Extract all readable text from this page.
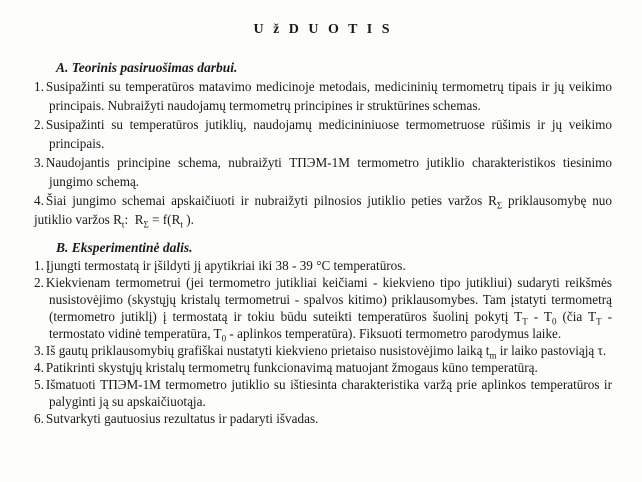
U ž D U O T I S
A. Teorinis pasiruošimas darbui.
1. Susipažinti su temperatūros matavimo medicinoje metodais, medicininių termometrų tipais ir jų veikimo principais. Nubraižyti naudojamų termometrų principines ir struktūrines schemas.
2. Susipažinti su temperatūros jutiklių, naudojamų medicininiuose termometruose rūšimis ir jų veikimo principais.
3. Naudojantis principine schema, nubraižyti ТПЭМ-1М termometro jutiklio charakteristikos tiesinimo jungimo schemą.
4. Šiai jungimo schemai apskaičiuoti ir nubraižyti pilnosios jutiklio peties varžos $R_\Sigma$ priklausomybę nuo jutiklio varžos $R_t$:  $R_\Sigma = f(R_t$ ).
B. Eksperimentinė dalis.
1. Įjungti termostatą ir įšildyti jį apytikriai iki 38 - 39 °C temperatūros.
2. Kiekvienam termometrui (jei termometro jutikliai keičiami - kiekvieno tipo jutikliui) sudaryti reikšmės nusistovėjimo (skystųjų kristalų termometrui - spalvos kitimo) priklausomybes. Tam įstatyti termometrą (termometro jutiklį) į termostatą ir tokiu būdu suteikti temperatūros šuolinį pokytį $T_T - T_0$ (čia $T_T$ - termostato vidinė temperatūra, $T_0$ - aplinkos temperatūra). Fiksuoti termometro parodymus laike.
3. Iš gautų priklausomybių grafiškai nustatyti kiekvieno prietaiso nusistovėjimo laiką $t_m$ ir laiko pastoviąją τ.
4. Patikrinti skystųjų kristalų termometrų funkcionavimą matuojant žmogaus kūno temperatūrą.
5. Išmatuoti ТПЭМ-1М termometro jutiklio su ištiesinta charakteristika varžą prie aplinkos temperatūros ir palyginti ją su apskaičiuotąja.
6. Sutvarkyti gautuosius rezultatus ir padaryti išvadas.
